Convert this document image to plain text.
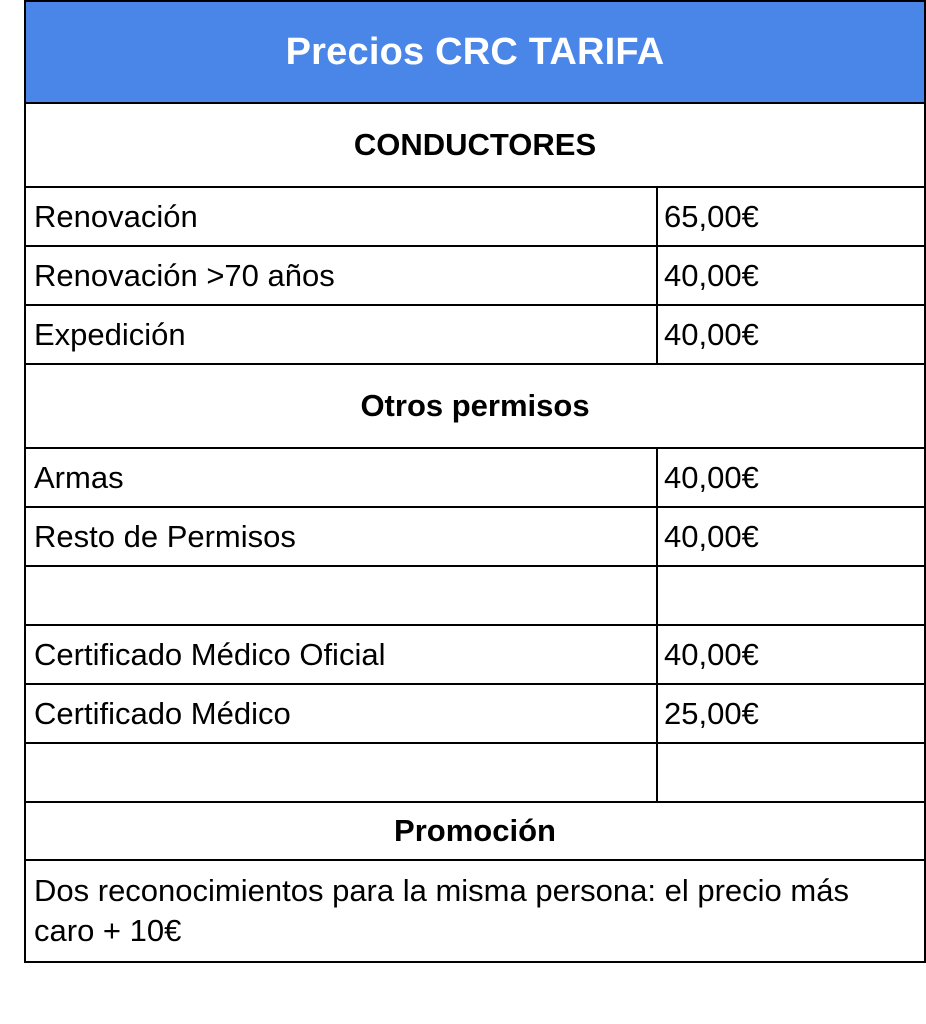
Precios CRC TARIFA	
CONDUCTORES	
Renovación	65,00€
Renovación >70 años	40,00€
Expedición	40,00€
Otros permisos	
Armas	40,00€
Resto de Permisos	40,00€

Certificado Médico Oficial	40,00€
Certificado Médico	25,00€

Promoción	
Dos reconocimientos para la misma persona: el precio más caro + 10€	
